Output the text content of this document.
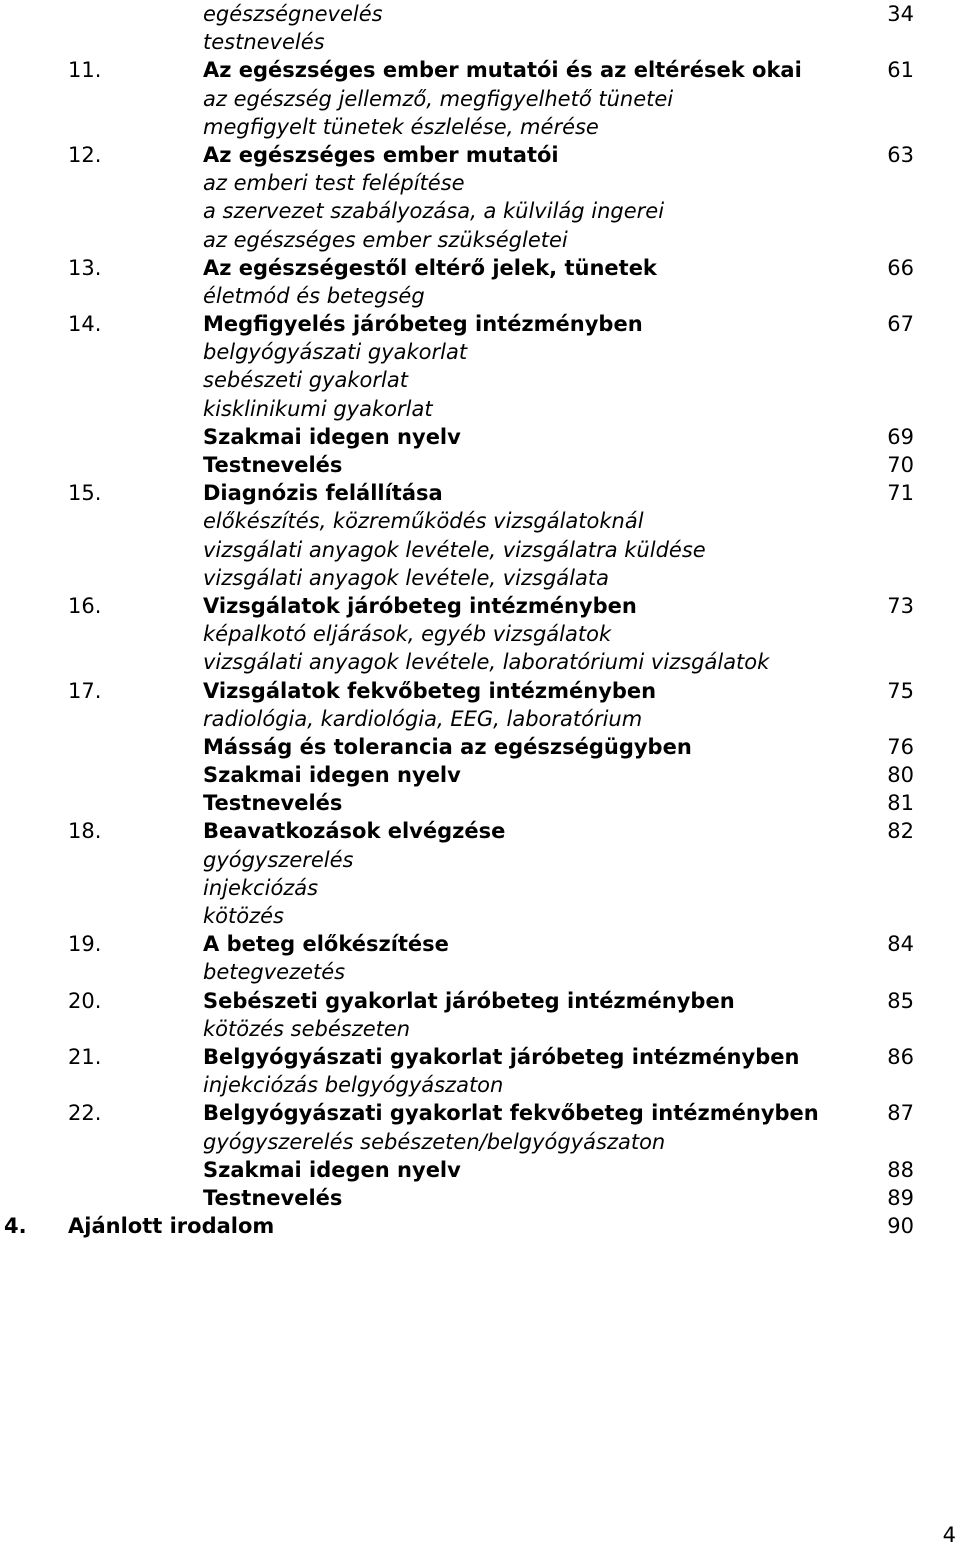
egészségnevelés	34
testnevelés
11.	Az egészséges ember mutatói és az eltérések okai	61
az egészség jellemző, megfigyelhető tünetei
megfigyelt tünetek észlelése, mérése
12.	Az egészséges ember mutatói	63
az emberi test felépítése
a szervezet szabályozása, a külvilág ingerei
az egészséges ember szükségletei
13.	Az egészségestől eltérő jelek, tünetek	66
életmód és betegség
14.	Megfigyelés járóbeteg intézményben	67
belgyógyászati gyakorlat
sebészeti gyakorlat
kisklinikumi gyakorlat
Szakmai idegen nyelv	69
Testnevelés	70
15.	Diagnózis felállítása	71
előkészítés, közreműködés vizsgálatoknál
vizsgálati anyagok levétele, vizsgálatra küldése
vizsgálati anyagok levétele, vizsgálata
16.	Vizsgálatok járóbeteg intézményben	73
képalkotó eljárások, egyéb vizsgálatok
vizsgálati anyagok levétele, laboratóriumi vizsgálatok
17.	Vizsgálatok fekvőbeteg intézményben	75
radiológia, kardiológia, EEG, laboratórium
Másság és tolerancia az egészségügyben	76
Szakmai idegen nyelv	80
Testnevelés	81
18.	Beavatkozások elvégzése	82
gyógyszerelés
injekciózás
kötözés
19.	A beteg előkészítése	84
betegvezetés
20.	Sebészeti gyakorlat járóbeteg intézményben	85
kötözés sebészeten
21.	Belgyógyászati gyakorlat járóbeteg intézményben	86
injekciózás belgyógyászaton
22.	Belgyógyászati gyakorlat fekvőbeteg intézményben	87
gyógyszerelés sebészeten/belgyógyászaton
Szakmai idegen nyelv	88
Testnevelés	89
4. Ajánlott irodalom	90
4
